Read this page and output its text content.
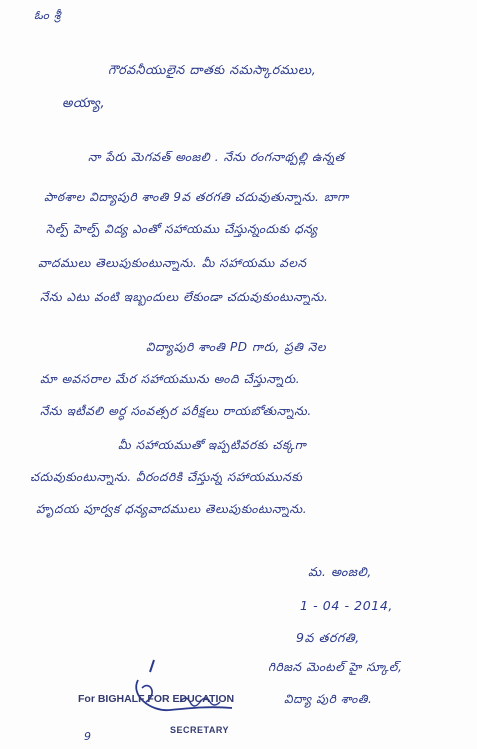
ఓం శ్రీ
గౌరవనీయులైన దాతకు నమస్కారములు,
అయ్యా,
నా పేరు మెగవత్ అంజలి . నేను రంగనాథ్పల్లి ఉన్నత
పాఠశాల విద్యాపురి శాంతి 9వ తరగతి చదువుతున్నాను. బాగా
సెల్ప్ హెల్ప్ విద్య ఎంతో సహాయము చేస్తున్నందుకు ధన్య
వాదములు తెలుపుకుంటున్నాను. మీ సహాయము వలన
నేను ఎటు వంటి ఇబ్బందులు లేకుండా చదువుకుంటున్నాను.
విద్యాపురి శాంతి PD గారు, ప్రతి నెల
మా అవసరాల మేర సహాయమును అంది చేస్తున్నారు.
నేను ఇటీవలి అర్ధ సంవత్సర పరీక్షలు రాయబోతున్నాను.
మీ సహాయముతో ఇప్పటివరకు చక్కగా
చదువుకుంటున్నాను. వీరందరికి చేస్తున్న సహాయమునకు
హృదయ పూర్వక ధన్యవాదములు తెలుపుకుంటున్నాను.
మ. అంజలి,
1 - 04 - 2014,
9వ తరగతి,
గిరిజన మెంటల్ హై స్కూల్,
విద్యా పురి శాంతి.
For BIGHALF FOR EDUCATION
SECRETARY
9
